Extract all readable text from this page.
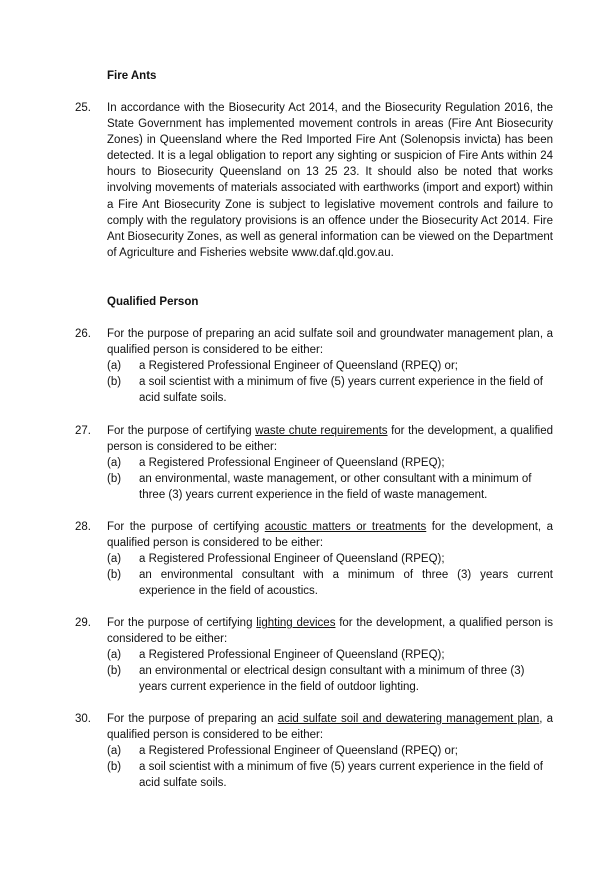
Fire Ants
25.	In accordance with the Biosecurity Act 2014, and the Biosecurity Regulation 2016, the State Government has implemented movement controls in areas (Fire Ant Biosecurity Zones) in Queensland where the Red Imported Fire Ant (Solenopsis invicta) has been detected. It is a legal obligation to report any sighting or suspicion of Fire Ants within 24 hours to Biosecurity Queensland on 13 25 23. It should also be noted that works involving movements of materials associated with earthworks (import and export) within a Fire Ant Biosecurity Zone is subject to legislative movement controls and failure to comply with the regulatory provisions is an offence under the Biosecurity Act 2014. Fire Ant Biosecurity Zones, as well as general information can be viewed on the Department of Agriculture and Fisheries website www.daf.qld.gov.au.
Qualified Person
26.	For the purpose of preparing an acid sulfate soil and groundwater management plan, a qualified person is considered to be either:
(a) a Registered Professional Engineer of Queensland (RPEQ) or;
(b) a soil scientist with a minimum of five (5) years current experience in the field of acid sulfate soils.
27.	For the purpose of certifying waste chute requirements for the development, a qualified person is considered to be either:
(a) a Registered Professional Engineer of Queensland (RPEQ);
(b) an environmental, waste management, or other consultant with a minimum of three (3) years current experience in the field of waste management.
28.	For the purpose of certifying acoustic matters or treatments for the development, a qualified person is considered to be either:
(a) a Registered Professional Engineer of Queensland (RPEQ);
(b) an environmental consultant with a minimum of three (3) years current experience in the field of acoustics.
29.	For the purpose of certifying lighting devices for the development, a qualified person is considered to be either:
(a) a Registered Professional Engineer of Queensland (RPEQ);
(b) an environmental or electrical design consultant with a minimum of three (3) years current experience in the field of outdoor lighting.
30.	For the purpose of preparing an acid sulfate soil and dewatering management plan, a qualified person is considered to be either:
(a) a Registered Professional Engineer of Queensland (RPEQ) or;
(b) a soil scientist with a minimum of five (5) years current experience in the field of acid sulfate soils.
